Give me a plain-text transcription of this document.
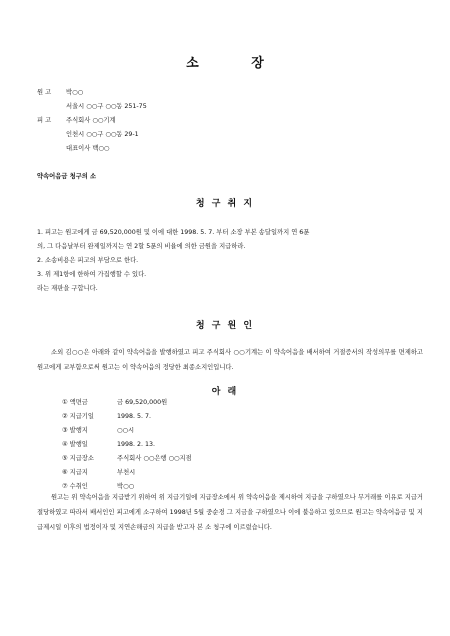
소 장
원 고 박○○
서울시 ○○구 ○○동 251-75
피 고 주식회사 ○○기계
인천시 ○○구 ○○동 29-1
대표이사 백○○
약속어음금 청구의 소
청 구 취 지
1. 피고는 원고에게 금 69,520,000원 및 이에 대한 1998. 5. 7. 부터 소장 부본 송달일까지 연 6푼
의, 그 다음날부터 완제일까지는 연 2할 5푼의 비율에 의한 금원을 지급하라.
2. 소송비용은 피고의 부담으로 한다.
3. 위 제1항에 한하여 가집행할 수 있다.
라는 재판을 구합니다.
청 구 원 인
소외 김○○은 아래와 같이 약속어음을 발행하였고 피고 주식회사 ○○기계는 이 약속어음을 배서하여 거절증서의 작성의무를 면제하고 원고에게 교부함으로써 원고는 이 약속어음의 정당한 최종소지인입니다.
아 래
① 액면금	금 69,520,000원
② 지급기일	1998. 5. 7.
③ 발행지	○○시
④ 발행일	1998. 2. 13.
⑤ 지급장소	주식회사 ○○은행 ○○지점
⑥ 지급지	부천시
⑦ 수취인	박○○
원고는 위 약속어음을 지급받기 위하여 위 지급기일에 지급장소에서 위 약속어음을 제시하여 지급을 구하였으나 무거래를 이유로 지급거절당하였고 따라서 배서인인 피고에게 소구하여 1998년 5월 중순경 그 지금을 구하였으나 이에 불응하고 있으므로 원고는 약속어음금 및 지급제시일 이후의 법정이자 및 지연손해금의 지급을 받고자 본 소 청구에 이르렀습니다.
